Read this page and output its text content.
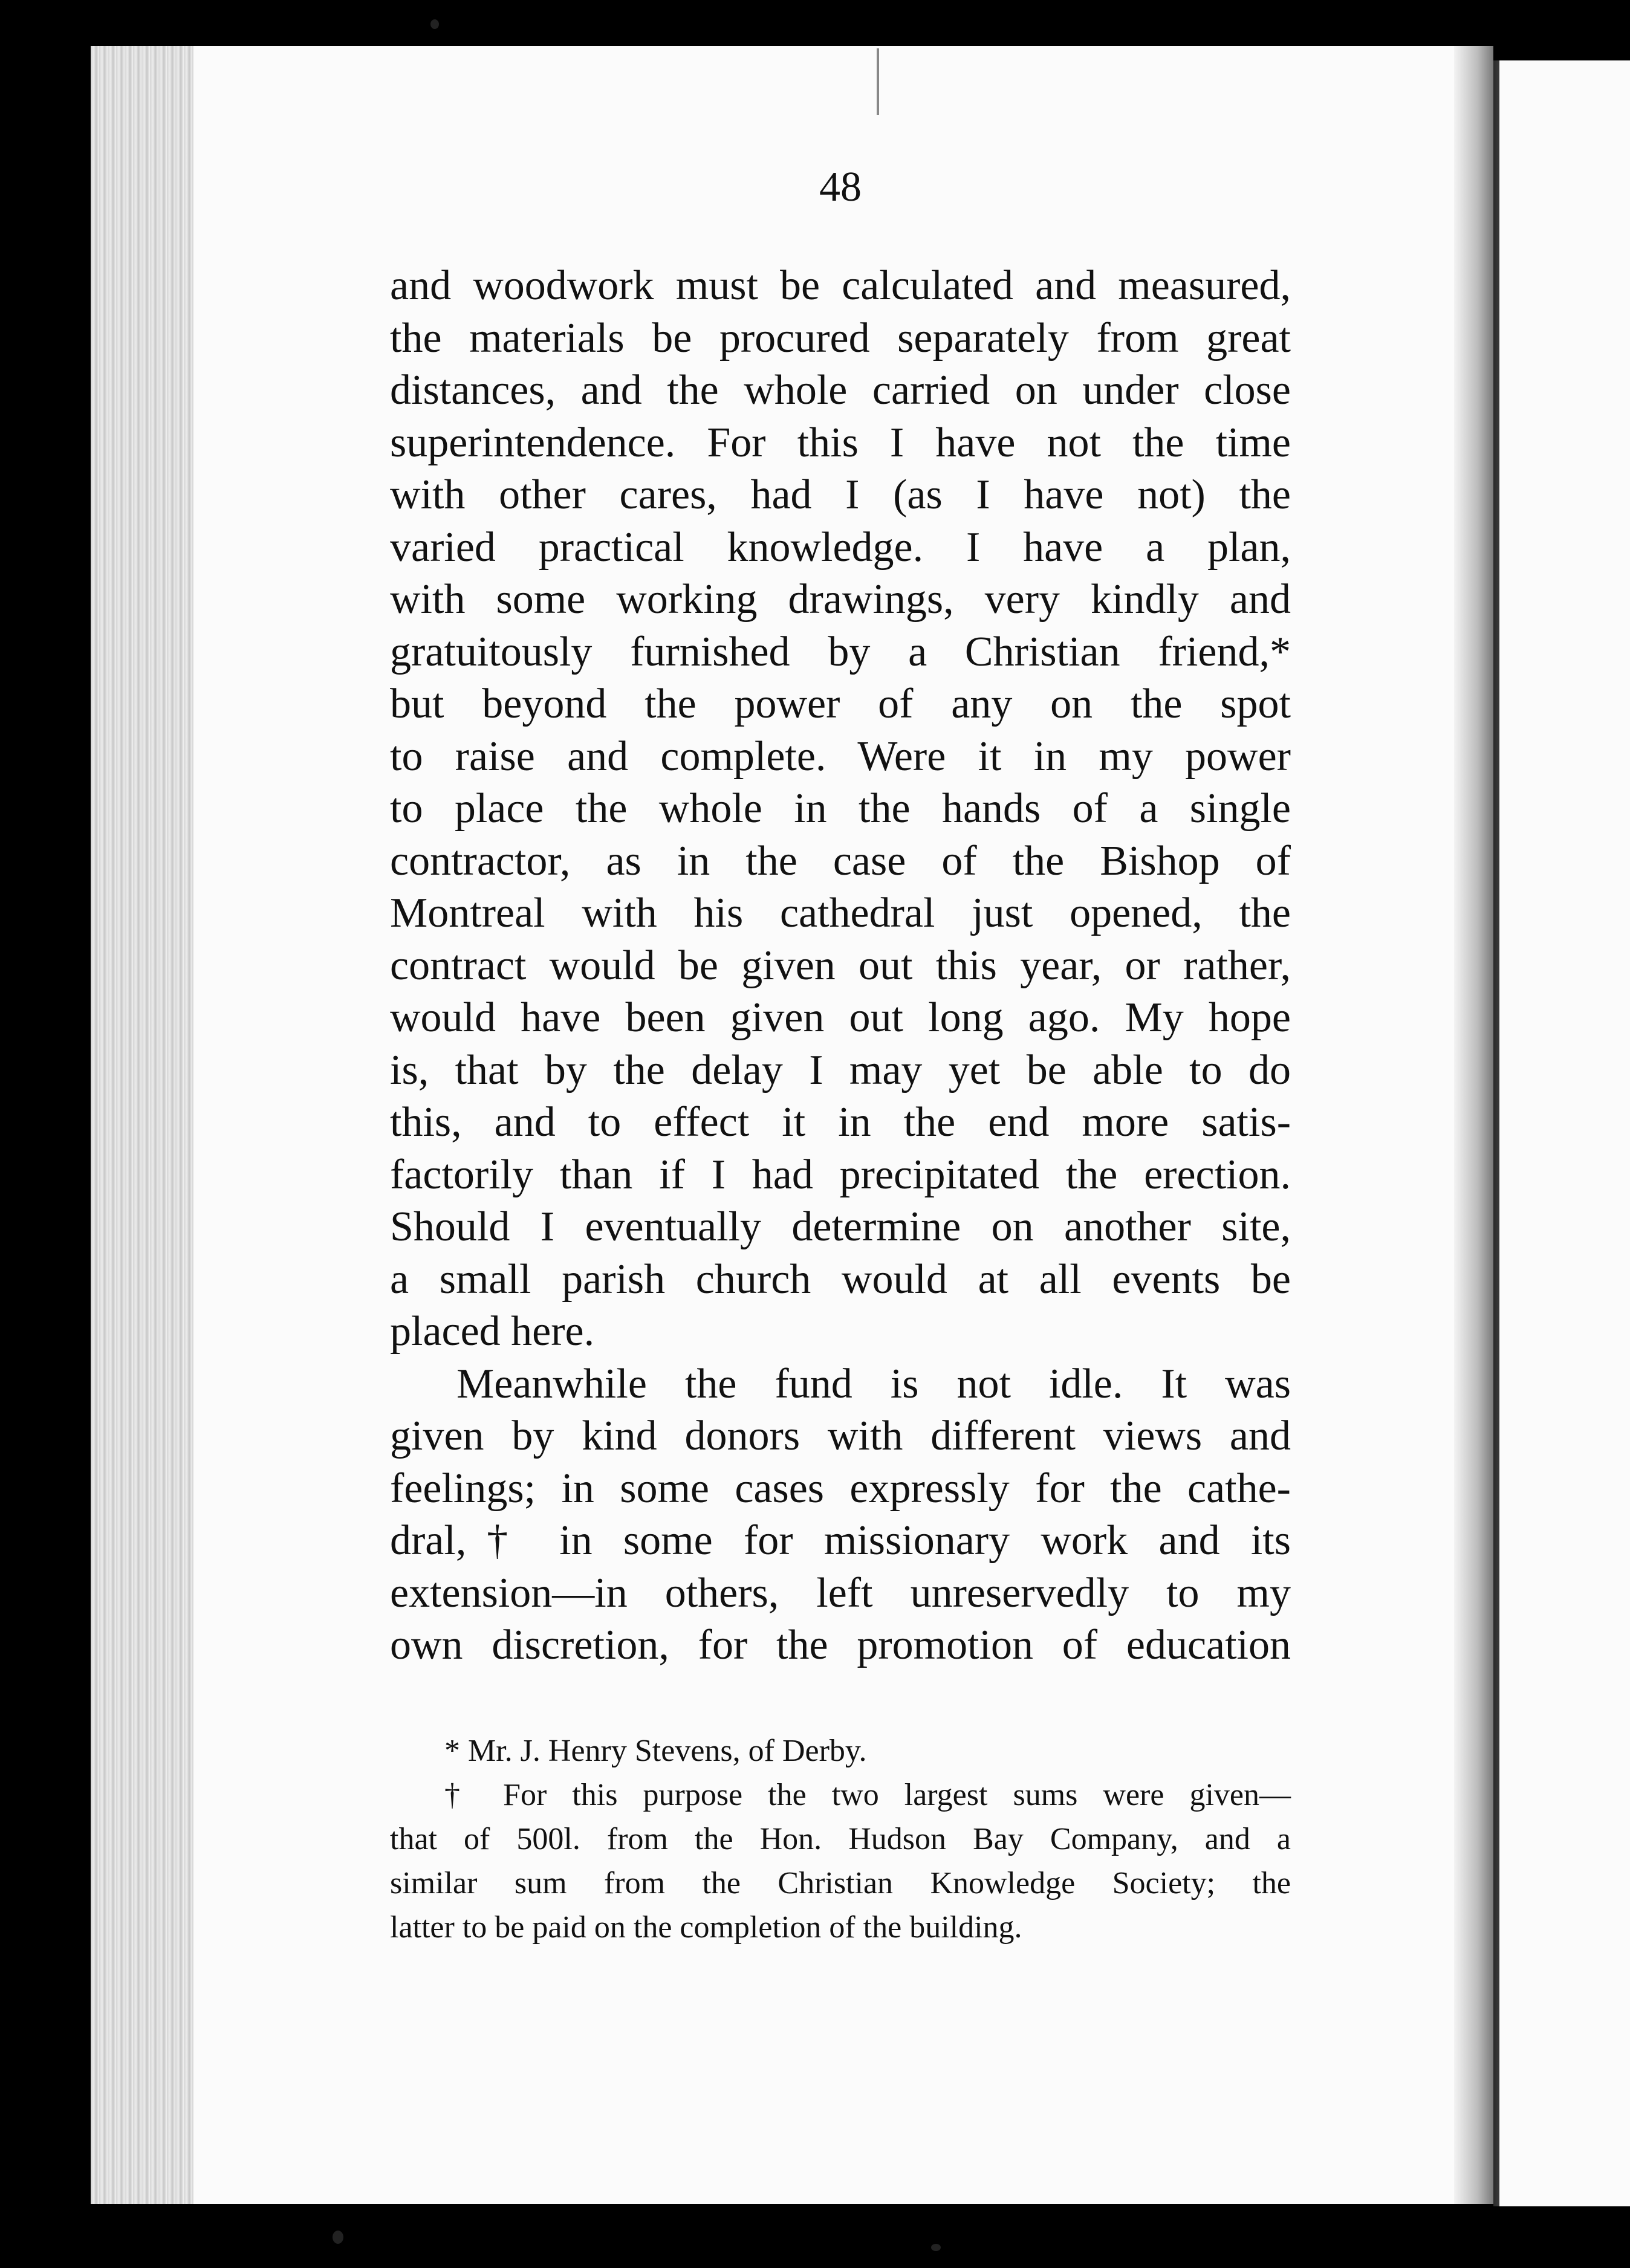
48
and woodwork must be calculated and measured,
the materials be procured separately from great
distances, and the whole carried on under close
superintendence. For this I have not the time
with other cares, had I (as I have not) the
varied practical knowledge. I have a plan,
with some working drawings, very kindly and
gratuitously furnished by a Christian friend,*
but beyond the power of any on the spot
to raise and complete. Were it in my power
to place the whole in the hands of a single
contractor, as in the case of the Bishop of
Montreal with his cathedral just opened, the
contract would be given out this year, or rather,
would have been given out long ago. My hope
is, that by the delay I may yet be able to do
this, and to effect it in the end more satis-
factorily than if I had precipitated the erection.
Should I eventually determine on another site,
a small parish church would at all events be
placed here.
Meanwhile the fund is not idle. It was
given by kind donors with different views and
feelings; in some cases expressly for the cathe-
dral,† in some for missionary work and its
extension—in others, left unreservedly to my
own discretion, for the promotion of education
* Mr. J. Henry Stevens, of Derby.
† For this purpose the two largest sums were given—
that of 500l. from the Hon. Hudson Bay Company, and a
similar sum from the Christian Knowledge Society; the
latter to be paid on the completion of the building.
